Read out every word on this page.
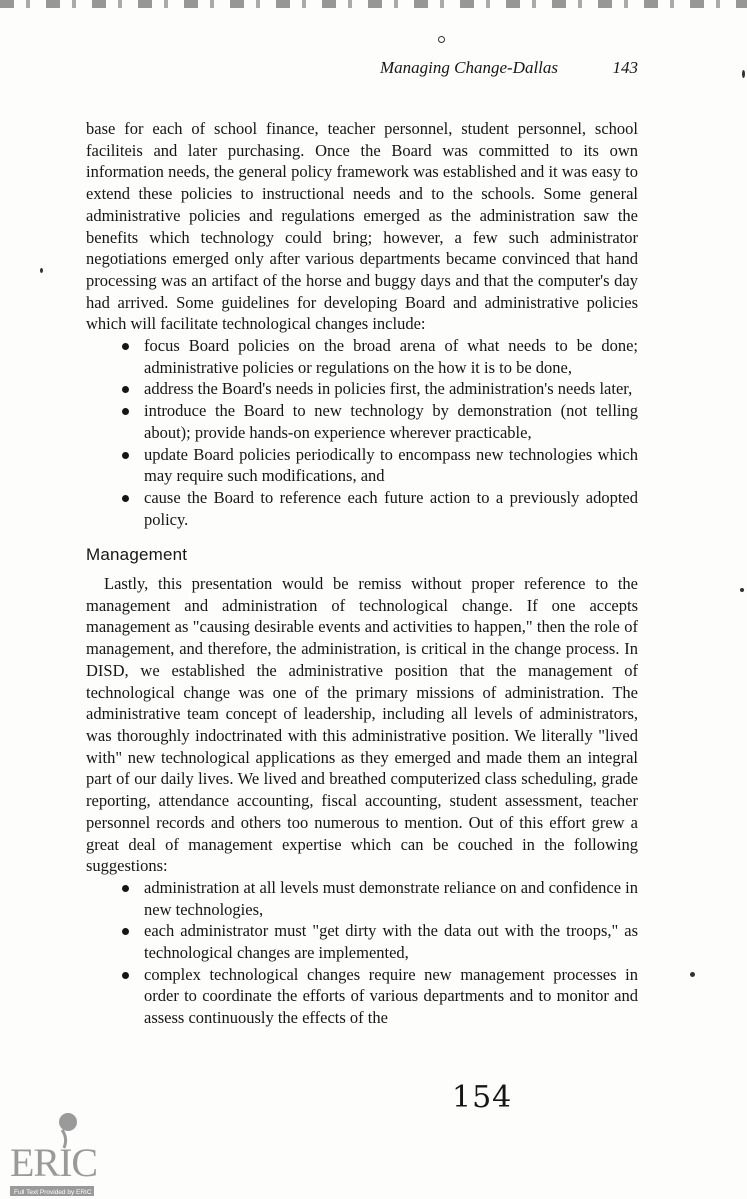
Managing Change-Dallas	143

base for each of school finance, teacher personnel, student personnel, school faciliteis and later purchasing. Once the Board was committed to its own information needs, the general policy framework was established and it was easy to extend these policies to instructional needs and to the schools. Some general administrative policies and regulations emerged as the administration saw the benefits which technology could bring; however, a few such administrator negotiations emerged only after various departments became convinced that hand processing was an artifact of the horse and buggy days and that the computer's day had arrived. Some guidelines for developing Board and administrative policies which will facilitate technological changes include:

focus Board policies on the broad arena of what needs to be done; administrative policies or regulations on the how it is to be done,
address the Board's needs in policies first, the administration's needs later,
introduce the Board to new technology by demonstration (not telling about); provide hands-on experience wherever practicable,
update Board policies periodically to encompass new technologies which may require such modifications, and
cause the Board to reference each future action to a previously adopted policy.
Management

Lastly, this presentation would be remiss without proper reference to the management and administration of technological change. If one accepts management as "causing desirable events and activities to happen," then the role of management, and therefore, the administration, is critical in the change process. In DISD, we established the administrative position that the management of technological change was one of the primary missions of administration. The administrative team concept of leadership, including all levels of administrators, was thoroughly indoctrinated with this administrative position. We literally "lived with" new technological applications as they emerged and made them an integral part of our daily lives. We lived and breathed computerized class scheduling, grade reporting, attendance accounting, fiscal accounting, student assessment, teacher personnel records and others too numerous to mention. Out of this effort grew a great deal of management expertise which can be couched in the following suggestions:

administration at all levels must demonstrate reliance on and confidence in new technologies,
each administrator must "get dirty with the data out with the troops," as technological changes are implemented,
complex technological changes require new management processes in order to coordinate the efforts of various departments and to monitor and assess continuously the effects of the
154
ERIC
Full Text Provided by ERIC
